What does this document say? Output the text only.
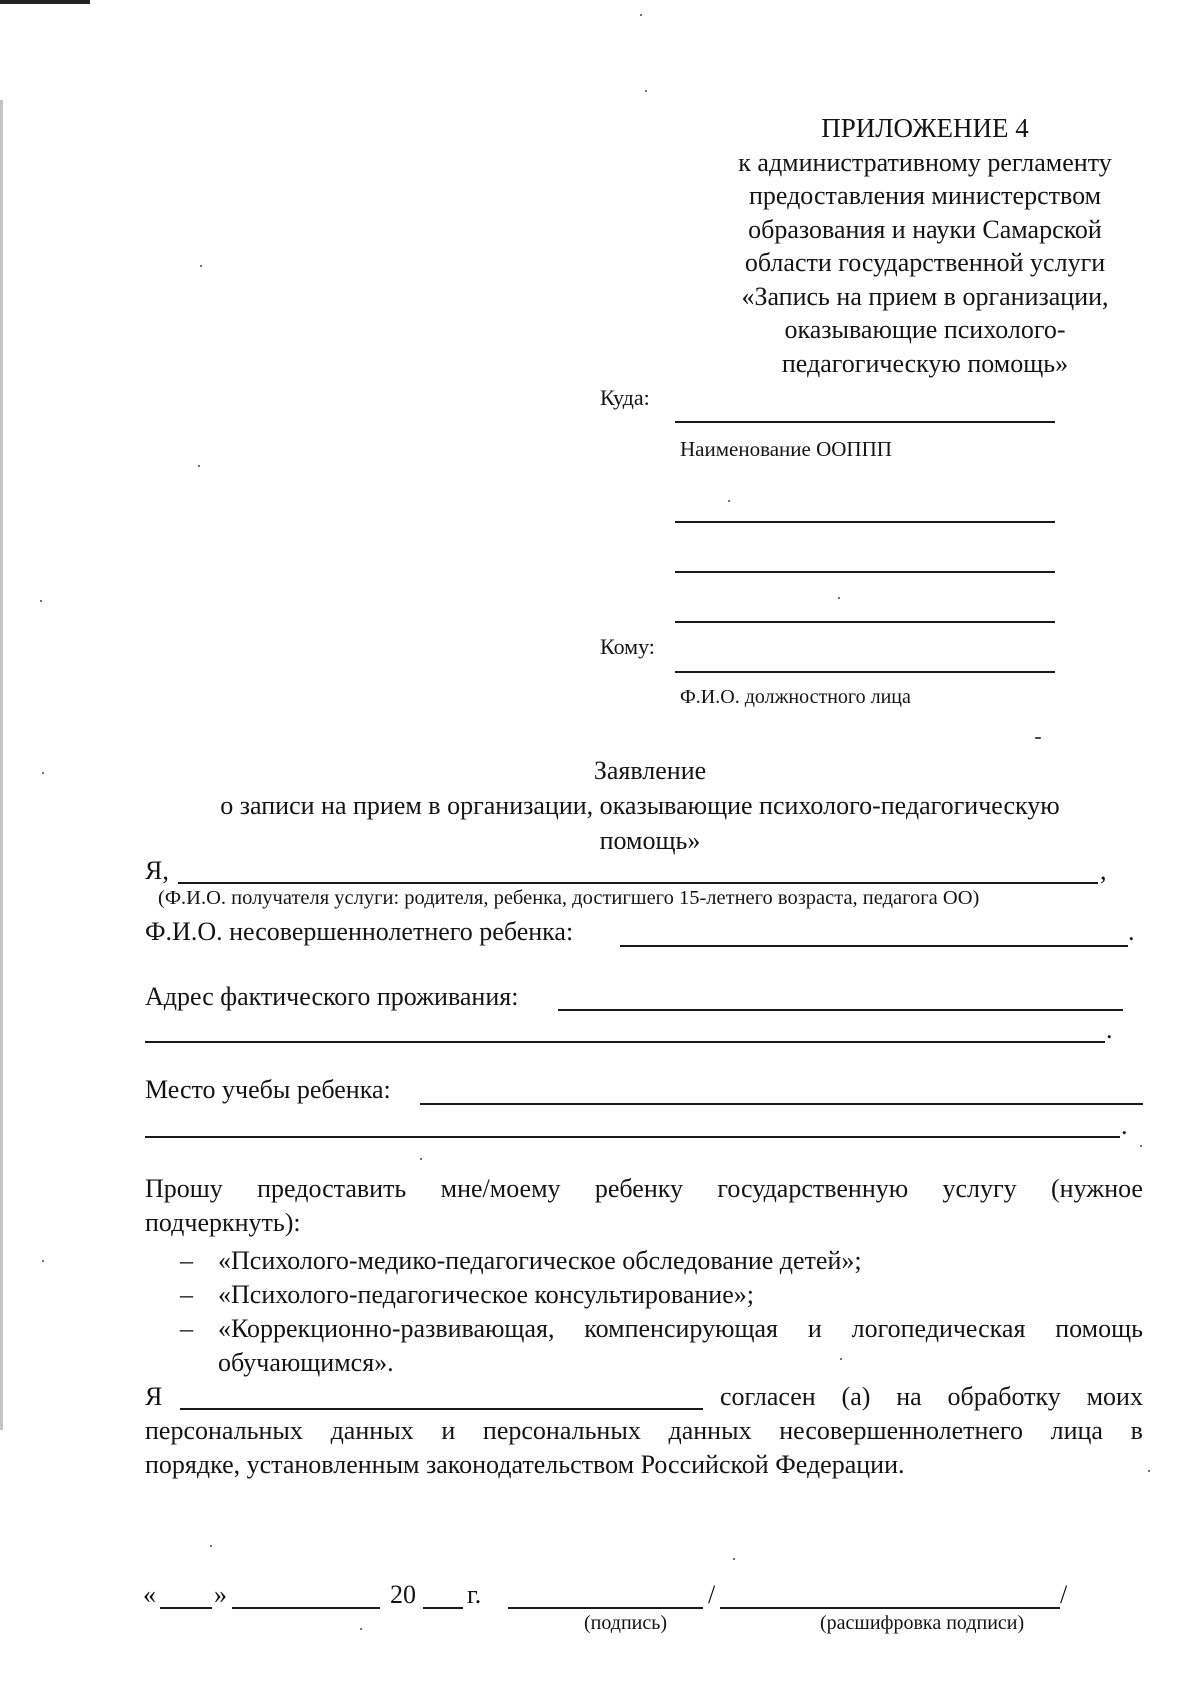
ПРИЛОЖЕНИЕ 4
к административному регламенту
предоставления министерством
образования и науки Самарской
области государственной услуги
«Запись на прием в организации,
оказывающие психолого-
педагогическую помощь»
Куда:
Наименование ООППП
Кому:
Ф.И.О. должностного лица
Заявление
о записи на прием в организации, оказывающие психолого-педагогическую
помощь»
Я,	,
(Ф.И.О. получателя услуги: родителя, ребенка, достигшего 15-летнего возраста, педагога ОО)
Ф.И.О. несовершеннолетнего ребенка:	.
Адрес фактического проживания:
.
Место учебы ребенка:
.
Прошу предоставить мне/моему ребенку государственную услугу (нужное
подчеркнуть):
– «Психолого-медико-педагогическое обследование детей»;
– «Психолого-педагогическое консультирование»;
– «Коррекционно-развивающая, компенсирующая и логопедическая помощь
обучающимся».
Я	согласен (а) на обработку моих
персональных данных и персональных данных несовершеннолетнего лица в
порядке, установленным законодательством Российской Федерации.
« »	20 г.	/	/
(подпись)	(расшифровка подписи)
